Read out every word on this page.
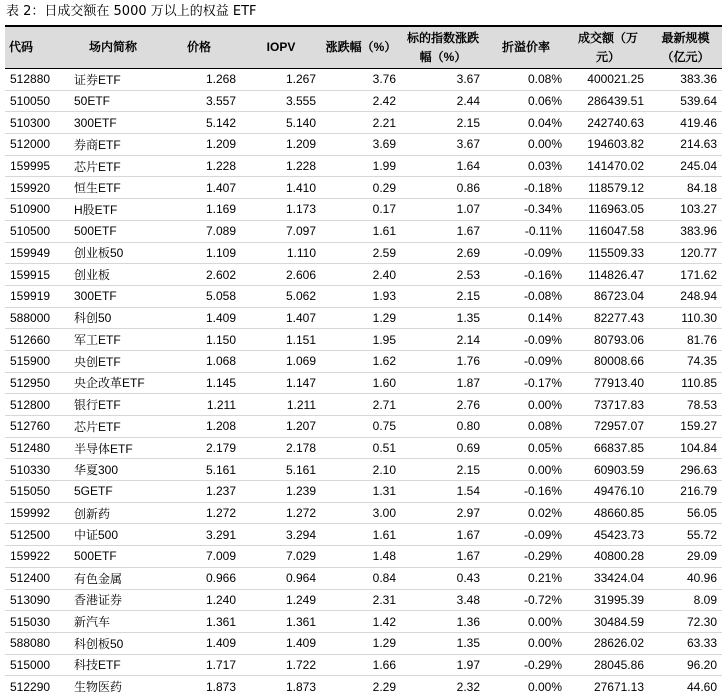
表 2：日成交额在 5000 万以上的权益 ETF
代码	场内简称	价格	IOPV	涨跌幅（%）	标的指数涨跌幅（%）	折溢价率	成交额（万元）	最新规模（亿元）
512880	证券ETF	1.268	1.267	3.76	3.67	0.08%	400021.25	383.36
510050	50ETF	3.557	3.555	2.42	2.44	0.06%	286439.51	539.64
510300	300ETF	5.142	5.140	2.21	2.15	0.04%	242740.63	419.46
512000	券商ETF	1.209	1.209	3.69	3.67	0.00%	194603.82	214.63
159995	芯片ETF	1.228	1.228	1.99	1.64	0.03%	141470.02	245.04
159920	恒生ETF	1.407	1.410	0.29	0.86	-0.18%	118579.12	84.18
510900	H股ETF	1.169	1.173	0.17	1.07	-0.34%	116963.05	103.27
510500	500ETF	7.089	7.097	1.61	1.67	-0.11%	116047.58	383.96
159949	创业板50	1.109	1.110	2.59	2.69	-0.09%	115509.33	120.77
159915	创业板	2.602	2.606	2.40	2.53	-0.16%	114826.47	171.62
159919	300ETF	5.058	5.062	1.93	2.15	-0.08%	86723.04	248.94
588000	科创50	1.409	1.407	1.29	1.35	0.14%	82277.43	110.30
512660	军工ETF	1.150	1.151	1.95	2.14	-0.09%	80793.06	81.76
515900	央创ETF	1.068	1.069	1.62	1.76	-0.09%	80008.66	74.35
512950	央企改革ETF	1.145	1.147	1.60	1.87	-0.17%	77913.40	110.85
512800	银行ETF	1.211	1.211	2.71	2.76	0.00%	73717.83	78.53
512760	芯片ETF	1.208	1.207	0.75	0.80	0.08%	72957.07	159.27
512480	半导体ETF	2.179	2.178	0.51	0.69	0.05%	66837.85	104.84
510330	华夏300	5.161	5.161	2.10	2.15	0.00%	60903.59	296.63
515050	5GETF	1.237	1.239	1.31	1.54	-0.16%	49476.10	216.79
159992	创新药	1.272	1.272	3.00	2.97	0.02%	48660.85	56.05
512500	中证500	3.291	3.294	1.61	1.67	-0.09%	45423.73	55.72
159922	500ETF	7.009	7.029	1.48	1.67	-0.29%	40800.28	29.09
512400	有色金属	0.966	0.964	0.84	0.43	0.21%	33424.04	40.96
513090	香港证券	1.240	1.249	2.31	3.48	-0.72%	31995.39	8.09
515030	新汽车	1.361	1.361	1.42	1.36	0.00%	30484.59	72.30
588080	科创板50	1.409	1.409	1.29	1.35	0.00%	28626.02	63.33
515000	科技ETF	1.717	1.722	1.66	1.97	-0.29%	28045.86	96.20
512290	生物医药	1.873	1.873	2.29	2.32	0.00%	27671.13	44.60
